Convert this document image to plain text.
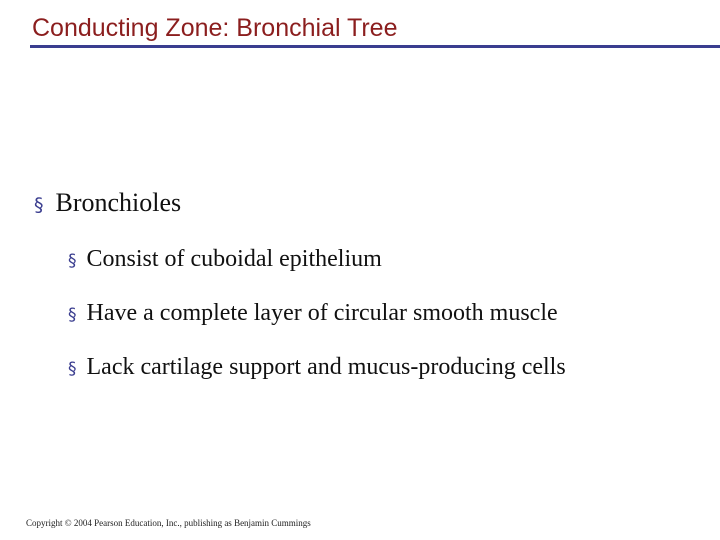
Conducting Zone: Bronchial Tree
§ Bronchioles
§ Consist of cuboidal epithelium
§ Have a complete layer of circular smooth muscle
§ Lack cartilage support and mucus-producing cells
Copyright © 2004 Pearson Education, Inc., publishing as Benjamin Cummings
